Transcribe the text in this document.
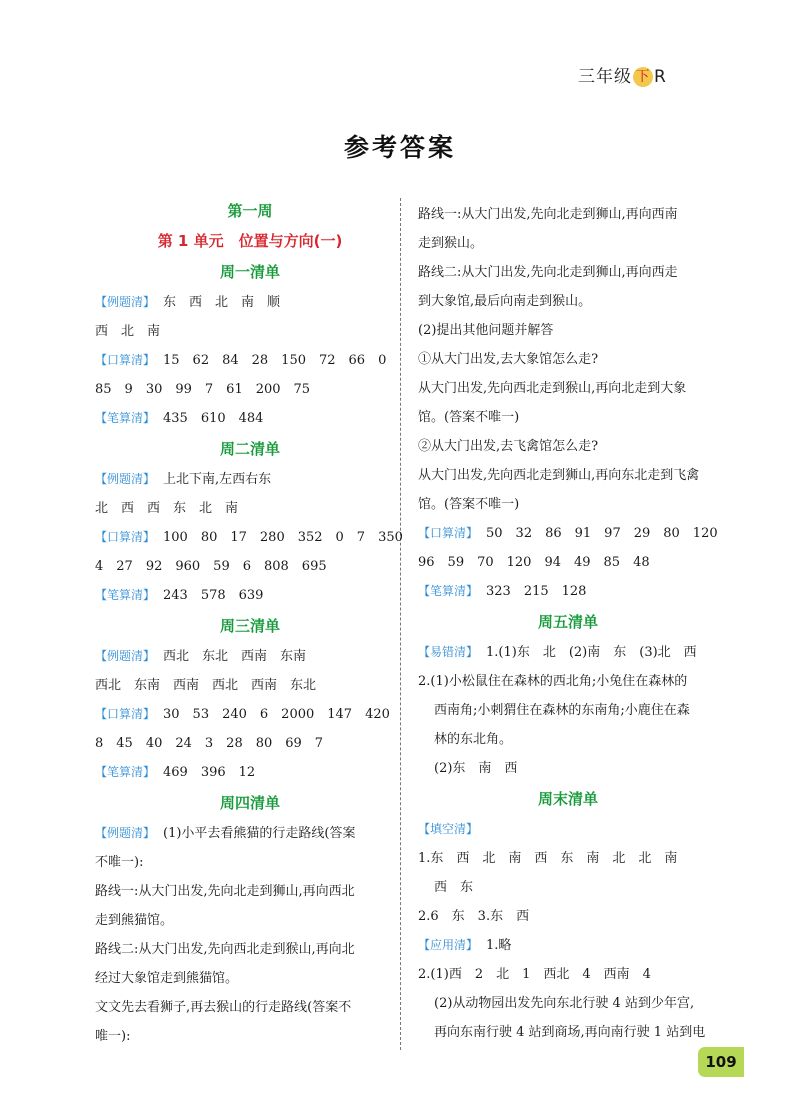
三年级 下 R
参考答案
第一周
第 1 单元　位置与方向(一)
周一清单
【例题清】 东　西　北　南　顺
西　北　南
【口算清】 15　62　84　28　150　72　66　0
85　9　30　99　7　61　200　75
【笔算清】 435　610　484
周二清单
【例题清】 上北下南,左西右东
北　西　西　东　北　南
【口算清】 100　80　17　280　352　0　7　350
4　27　92　960　59　6　808　695
【笔算清】 243　578　639
周三清单
【例题清】 西北　东北　西南　东南
西北　东南　西南　西北　西南　东北
【口算清】 30　53　240　6　2000　147　420
8　45　40　24　3　28　80　69　7
【笔算清】 469　396　12
周四清单
【例题清】 (1)小平去看熊猫的行走路线(答案
不唯一):
路线一:从大门出发,先向北走到狮山,再向西北
走到熊猫馆。
路线二:从大门出发,先向西北走到猴山,再向北
经过大象馆走到熊猫馆。
文文先去看狮子,再去猴山的行走路线(答案不
唯一):
路线一:从大门出发,先向北走到狮山,再向西南
走到猴山。
路线二:从大门出发,先向北走到狮山,再向西走
到大象馆,最后向南走到猴山。
(2)提出其他问题并解答
①从大门出发,去大象馆怎么走?
从大门出发,先向西北走到猴山,再向北走到大象
馆。(答案不唯一)
②从大门出发,去飞禽馆怎么走?
从大门出发,先向西北走到狮山,再向东北走到飞禽
馆。(答案不唯一)
【口算清】 50　32　86　91　97　29　80　120
96　59　70　120　94　49　85　48
【笔算清】 323　215　128
周五清单
【易错清】 1.(1)东　北　(2)南　东　(3)北　西
2.(1)小松鼠住在森林的西北角;小兔住在森林的
西南角;小刺猬住在森林的东南角;小鹿住在森
林的东北角。
(2)东　南　西
周末清单
【填空清】
1.东　西　北　南　西　东　南　北　北　南
西　东
2.6　东　3.东　西
【应用清】 1.略
2.(1)西　2　北　1　西北　4　西南　4
(2)从动物园出发先向东北行驶 4 站到少年宫,
再向东南行驶 4 站到商场,再向南行驶 1 站到电
109
